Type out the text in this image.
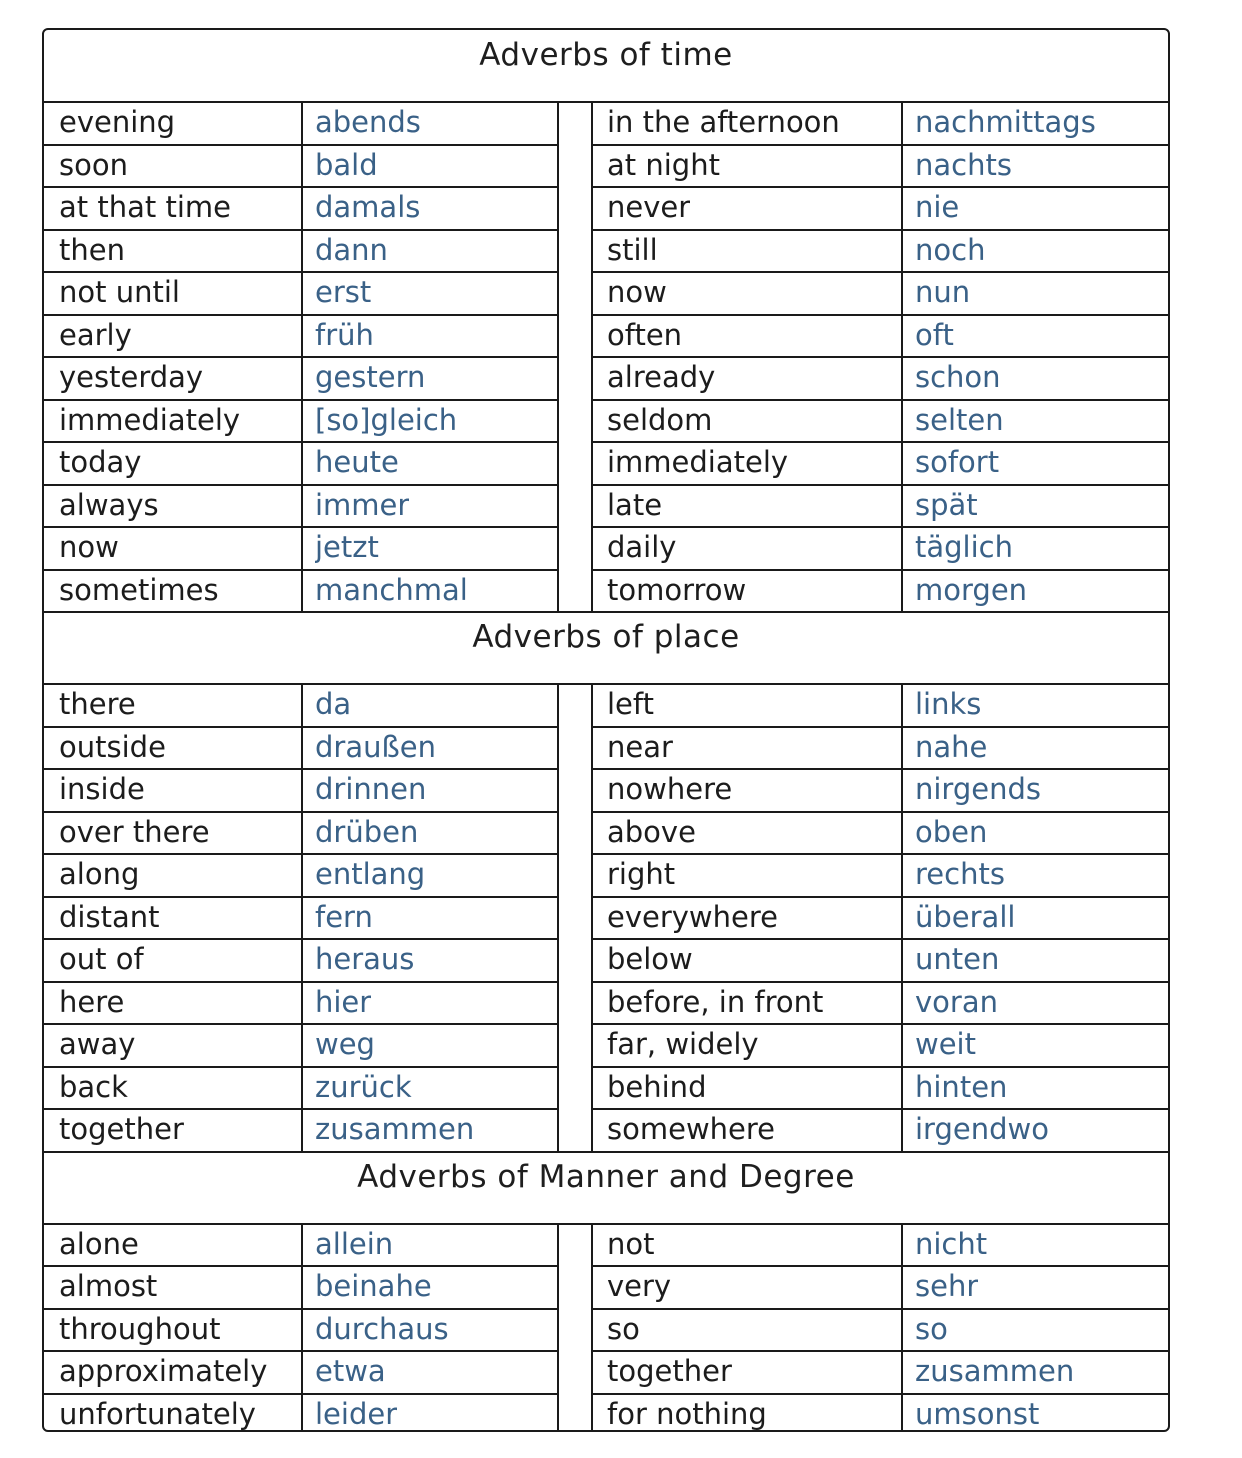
Adverbs of time
evening	abends	in the afternoon	nachmittags
soon	bald	at night	nachts
at that time	damals	never	nie
then	dann	still	noch
not until	erst	now	nun
early	früh	often	oft
yesterday	gestern	already	schon
immediately	[so]gleich	seldom	selten
today	heute	immediately	sofort
always	immer	late	spät
now	jetzt	daily	täglich
sometimes	manchmal	tomorrow	morgen
Adverbs of place
there	da	left	links
outside	draußen	near	nahe
inside	drinnen	nowhere	nirgends
over there	drüben	above	oben
along	entlang	right	rechts
distant	fern	everywhere	überall
out of	heraus	below	unten
here	hier	before, in front	voran
away	weg	far, widely	weit
back	zurück	behind	hinten
together	zusammen	somewhere	irgendwo
Adverbs of Manner and Degree
alone	allein	not	nicht
almost	beinahe	very	sehr
throughout	durchaus	so	so
approximately etwa	together	zusammen
unfortunately leider	for nothing	umsonst
